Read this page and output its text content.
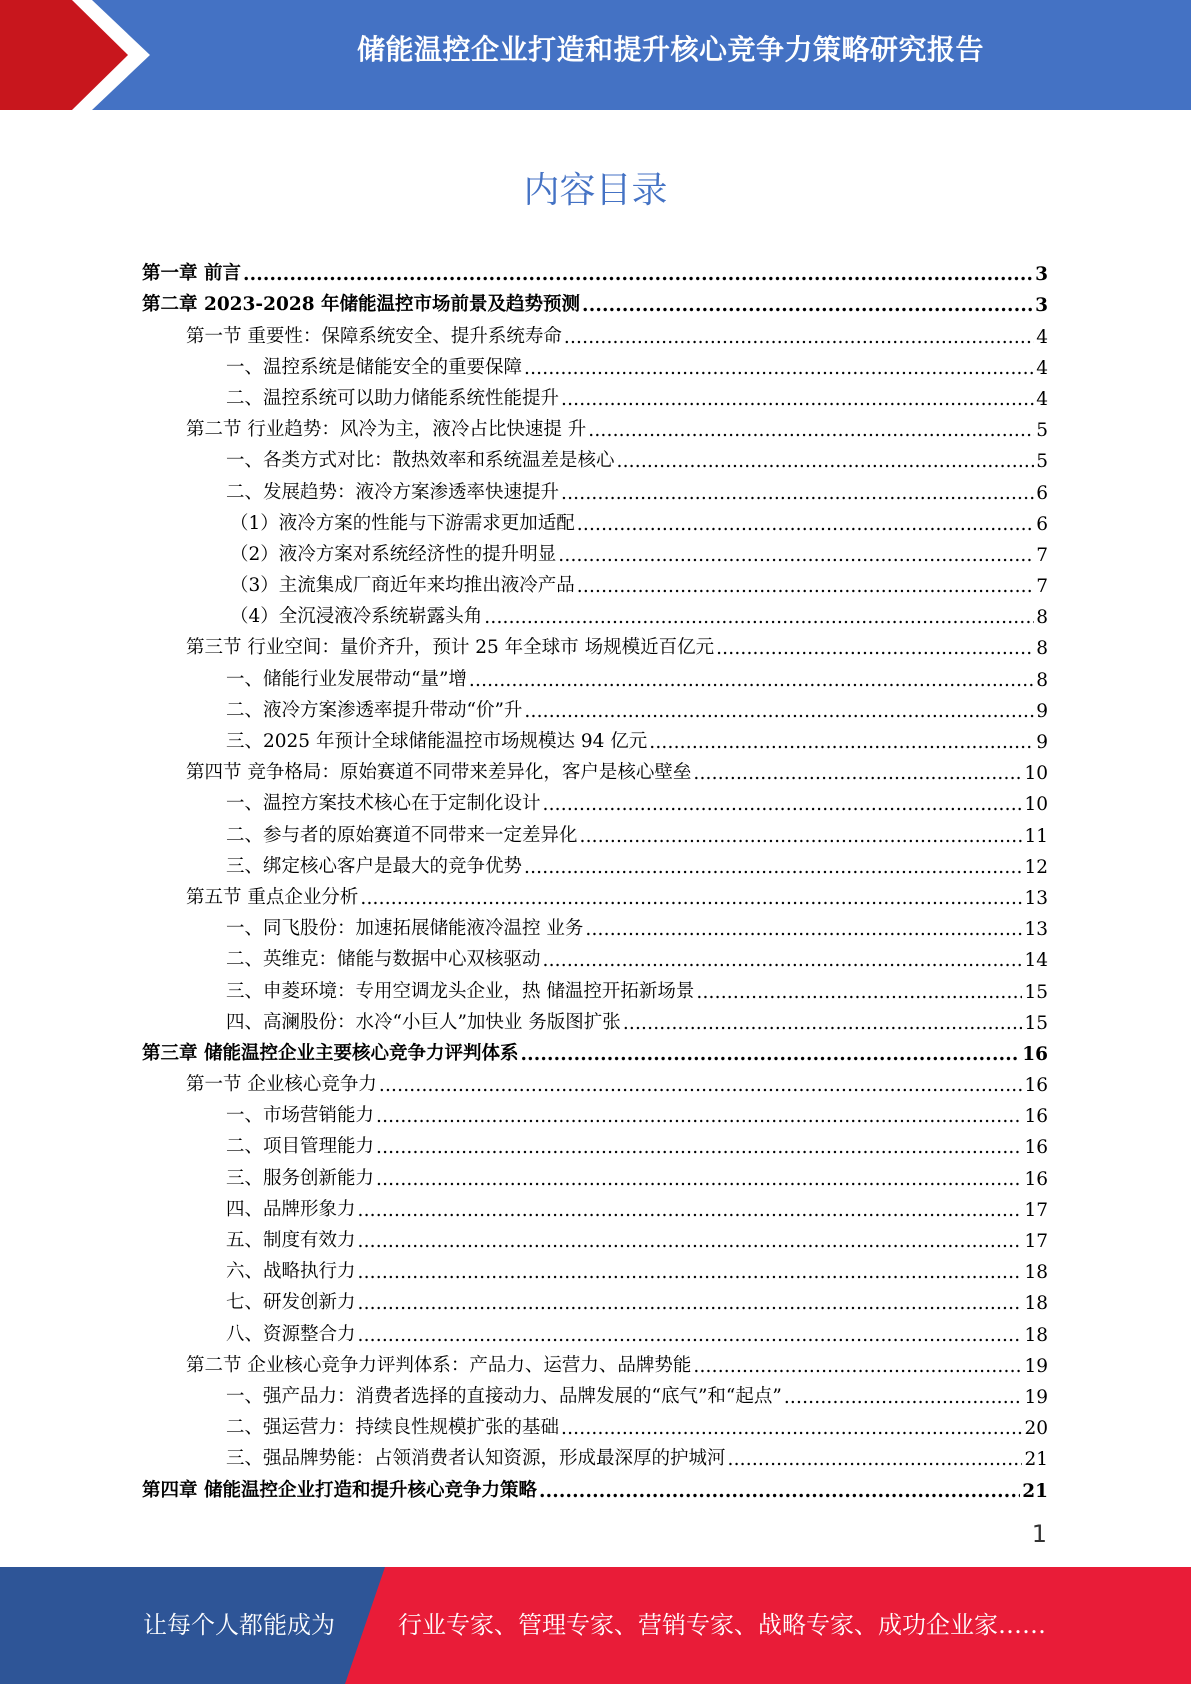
储能温控企业打造和提升核心竞争力策略研究报告
内容目录
第一章 前言 .....	3
第二章 2023-2028 年储能温控市场前景及趋势预测 .....	3
第一节 重要性：保障系统安全、提升系统寿命 .....	4
一、温控系统是储能安全的重要保障 .....	4
二、温控系统可以助力储能系统性能提升 .....	4
第二节 行业趋势：风冷为主，液冷占比快速提 升 .....	5
一、各类方式对比：散热效率和系统温差是核心 .....	5
二、发展趋势：液冷方案渗透率快速提升 .....	6
（1）液冷方案的性能与下游需求更加适配 .....	6
（2）液冷方案对系统经济性的提升明显 .....	7
（3）主流集成厂商近年来均推出液冷产品 .....	7
（4）全沉浸液冷系统崭露头角 .....	8
第三节 行业空间：量价齐升，预计 25 年全球市 场规模近百亿元 .....	8
一、储能行业发展带动“量”增 .....	8
二、液冷方案渗透率提升带动“价”升 .....	9
三、2025 年预计全球储能温控市场规模达 94 亿元 .....	9
第四节 竞争格局：原始赛道不同带来差异化，客户是核心壁垒 .....	10
一、温控方案技术核心在于定制化设计 .....	10
二、参与者的原始赛道不同带来一定差异化 .....	11
三、绑定核心客户是最大的竞争优势 .....	12
第五节 重点企业分析 .....	13
一、同飞股份：加速拓展储能液冷温控 业务 .....	13
二、英维克：储能与数据中心双核驱动 .....	14
三、申菱环境：专用空调龙头企业，热 储温控开拓新场景 .....	15
四、高澜股份：水冷“小巨人”加快业 务版图扩张 .....	15
第三章 储能温控企业主要核心竞争力评判体系 .....	16
第一节 企业核心竞争力 .....	16
一、市场营销能力 .....	16
二、项目管理能力 .....	16
三、服务创新能力 .....	16
四、品牌形象力 .....	17
五、制度有效力 .....	17
六、战略执行力 .....	18
七、研发创新力 .....	18
八、资源整合力 .....	18
第二节 企业核心竞争力评判体系：产品力、运营力、品牌势能 .....	19
一、强产品力：消费者选择的直接动力、品牌发展的“底气”和“起点” .....	19
二、强运营力：持续良性规模扩张的基础 .....	20
三、强品牌势能：占领消费者认知资源，形成最深厚的护城河 .....	21
第四章 储能温控企业打造和提升核心竞争力策略 .....	21
1
让每个人都能成为	行业专家、管理专家、营销专家、战略专家、成功企业家……
